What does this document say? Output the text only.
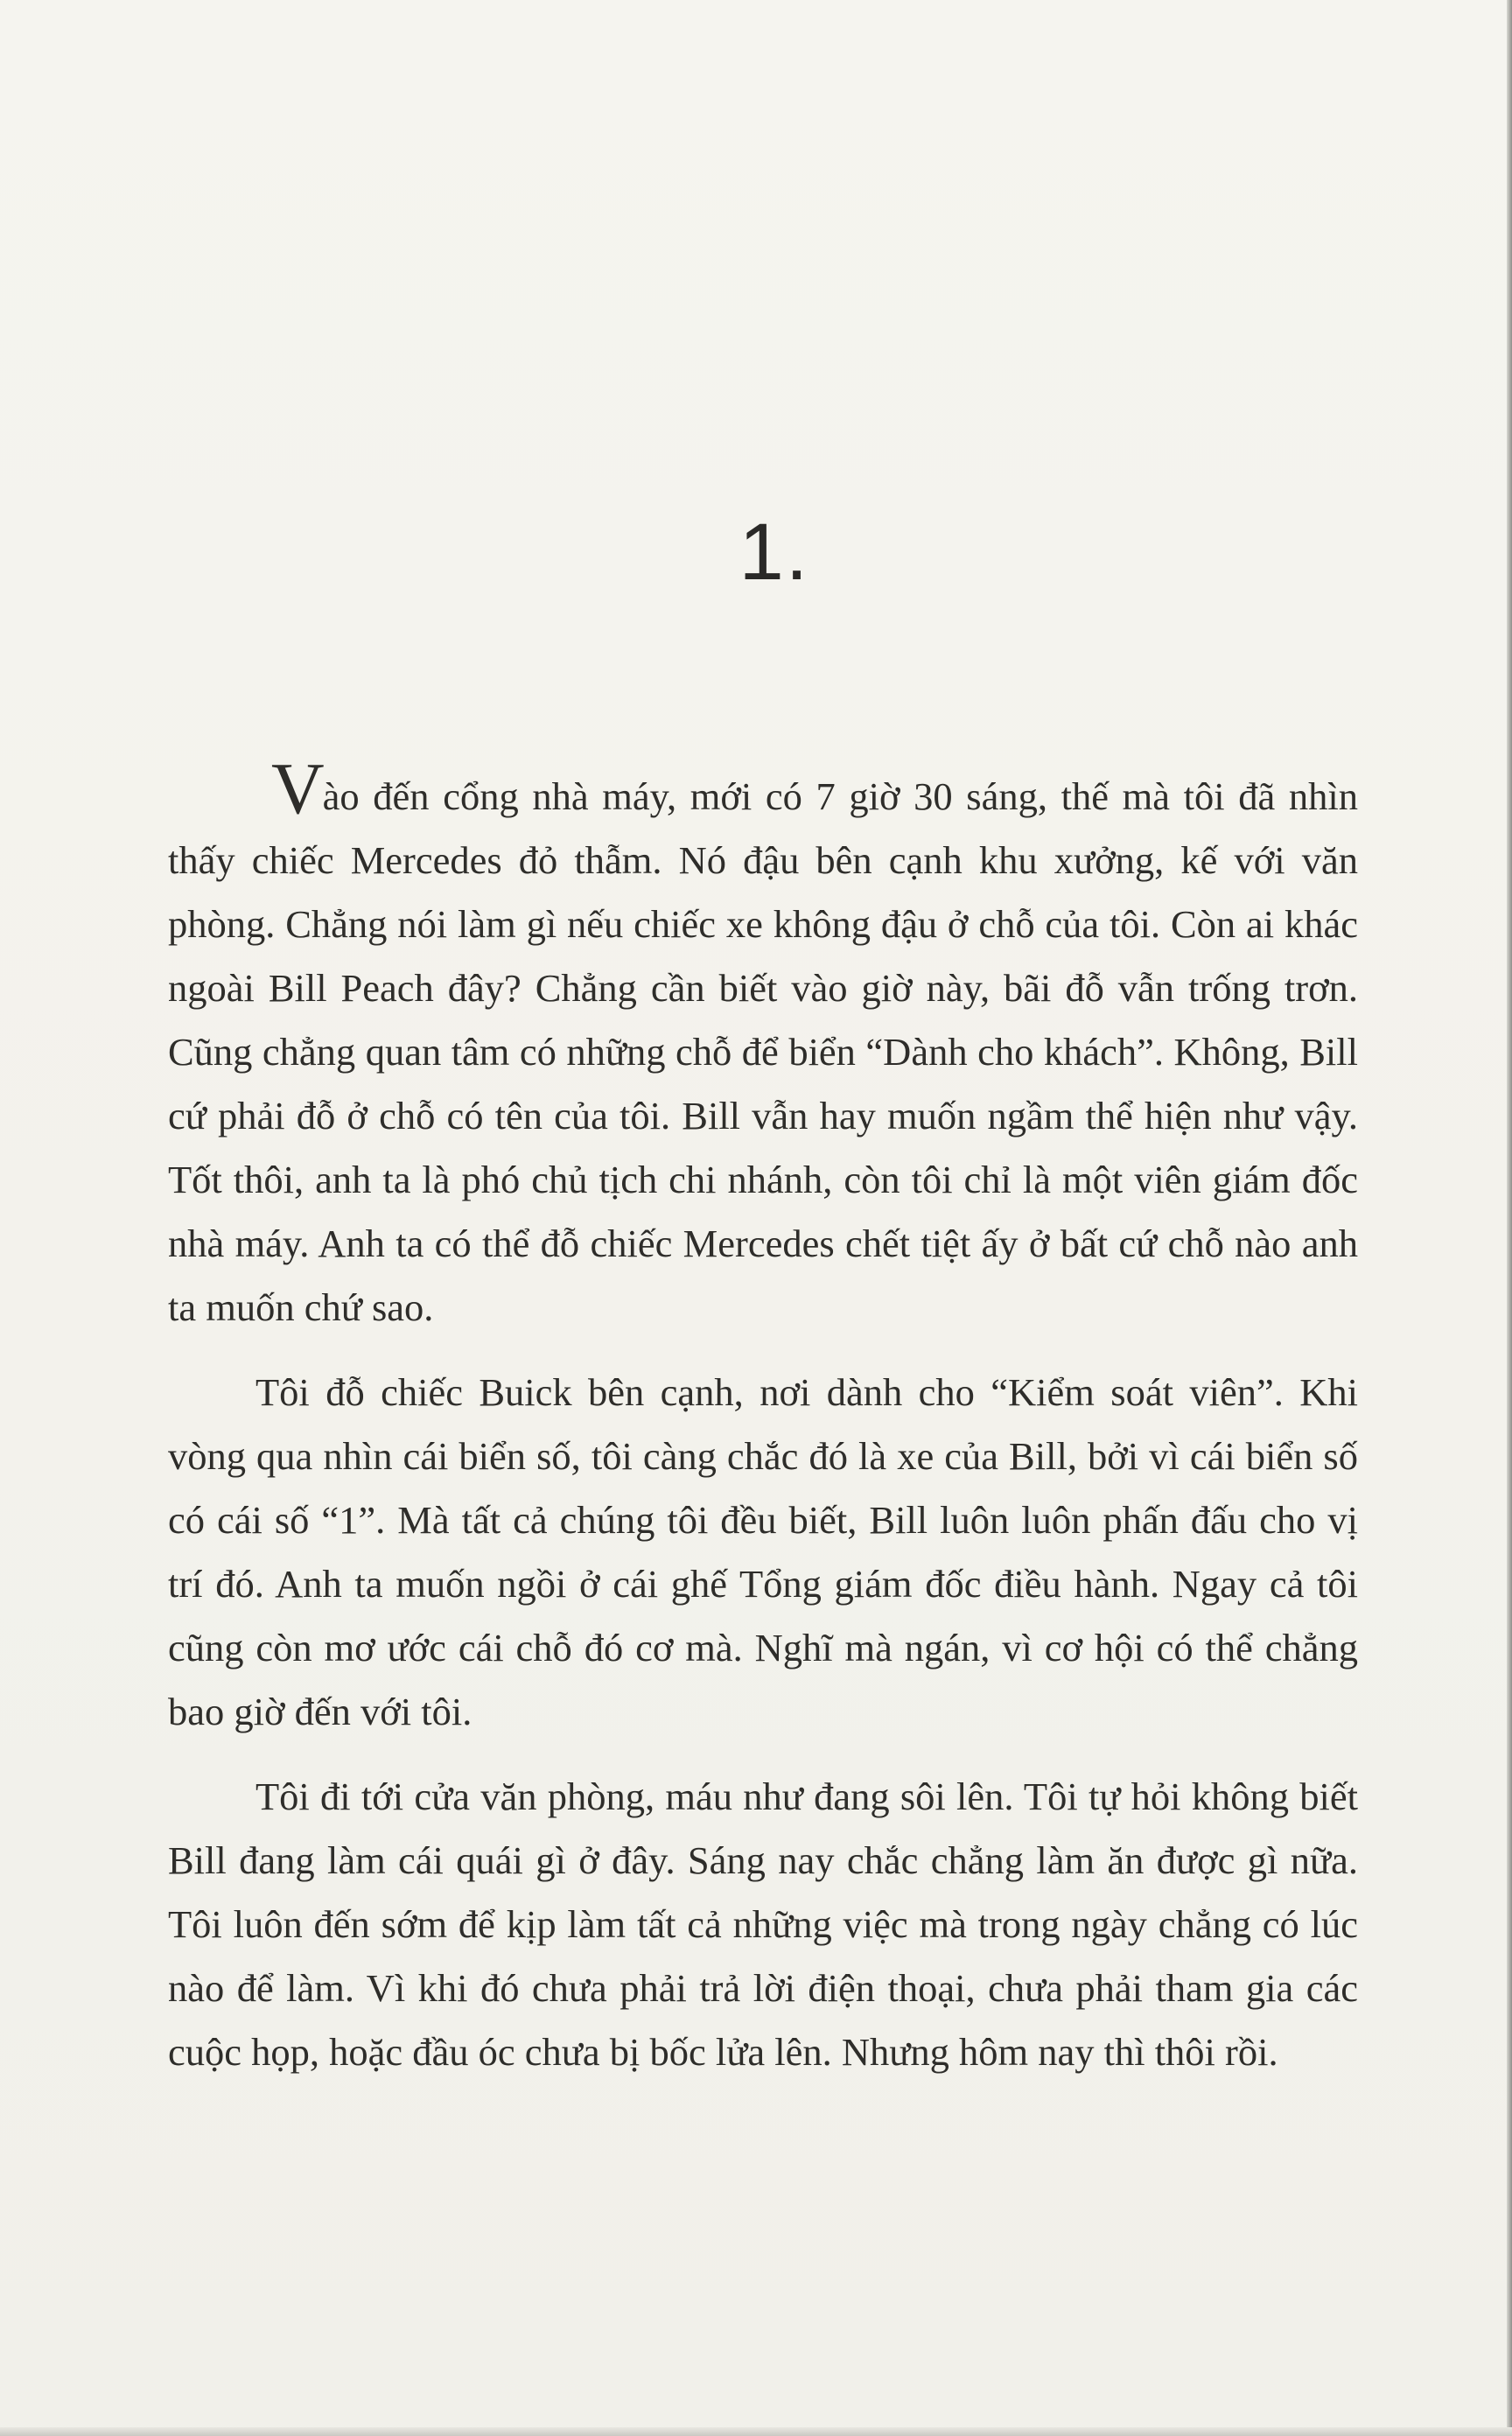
1.

Vào đến cổng nhà máy, mới có 7 giờ 30 sáng, thế mà tôi đã nhìn thấy chiếc Mercedes đỏ thẫm. Nó đậu bên cạnh khu xưởng, kế với văn phòng. Chẳng nói làm gì nếu chiếc xe không đậu ở chỗ của tôi. Còn ai khác ngoài Bill Peach đây? Chẳng cần biết vào giờ này, bãi đỗ vẫn trống trơn. Cũng chẳng quan tâm có những chỗ để biển “Dành cho khách”. Không, Bill cứ phải đỗ ở chỗ có tên của tôi. Bill vẫn hay muốn ngầm thể hiện như vậy. Tốt thôi, anh ta là phó chủ tịch chi nhánh, còn tôi chỉ là một viên giám đốc nhà máy. Anh ta có thể đỗ chiếc Mercedes chết tiệt ấy ở bất cứ chỗ nào anh ta muốn chứ sao.

Tôi đỗ chiếc Buick bên cạnh, nơi dành cho “Kiểm soát viên”. Khi vòng qua nhìn cái biển số, tôi càng chắc đó là xe của Bill, bởi vì cái biển số có cái số “1”. Mà tất cả chúng tôi đều biết, Bill luôn luôn phấn đấu cho vị trí đó. Anh ta muốn ngồi ở cái ghế Tổng giám đốc điều hành. Ngay cả tôi cũng còn mơ ước cái chỗ đó cơ mà. Nghĩ mà ngán, vì cơ hội có thể chẳng bao giờ đến với tôi.

Tôi đi tới cửa văn phòng, máu như đang sôi lên. Tôi tự hỏi không biết Bill đang làm cái quái gì ở đây. Sáng nay chắc chẳng làm ăn được gì nữa. Tôi luôn đến sớm để kịp làm tất cả những việc mà trong ngày chẳng có lúc nào để làm. Vì khi đó chưa phải trả lời điện thoại, chưa phải tham gia các cuộc họp, hoặc đầu óc chưa bị bốc lửa lên. Nhưng hôm nay thì thôi rồi.
